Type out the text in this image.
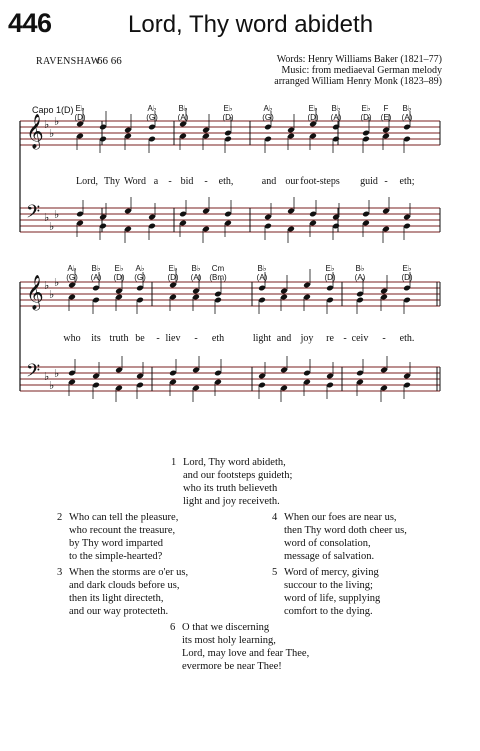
446	Lord, Thy word abideth
RAVENSHAW
66 66	Words: Henry Williams Baker (1821–77)
Music: from mediaeval German melody
arranged William Henry Monk (1823–89)
Capo 1(D)
𝄞 ♭
♭
♭
𝄢 ♭
♭
♭
𝄞 ♭
♭
♭
𝄢 ♭
♭
♭
E♭
(D)
A♭
(G)
B♭
(A)
E♭
(D)
A♭
(G)
E♭
(D)
B♭
(A)
E♭
(D)
F
(E)
B♭
(A)
A♭
(G)
B♭
(A)
E♭
(D)
A♭
(G)
E♭
(D)
B♭
(A)
Cm
(Bm)
B♭
(A)
E♭
(D)
B♭
(A)
E♭
(D)
Lord, Thy Word a - bid - eth,	and our foot-steps guid - eth;
who its truth be - liev - eth	light and joy re - ceiv - eth.
1 Lord, Thy word abideth,
and our footsteps guideth;
who its truth believeth
light and joy receiveth.
2 Who can tell the pleasure,
who recount the treasure,
by Thy word imparted
to the simple-hearted?
4 When our foes are near us,
then Thy word doth cheer us,
word of consolation,
message of salvation.
3 When the storms are o'er us,
and dark clouds before us,
then its light directeth,
and our way protecteth.
5 Word of mercy, giving
succour to the living;
word of life, supplying
comfort to the dying.
6 O that we discerning
its most holy learning,
Lord, may love and fear Thee,
evermore be near Thee!
